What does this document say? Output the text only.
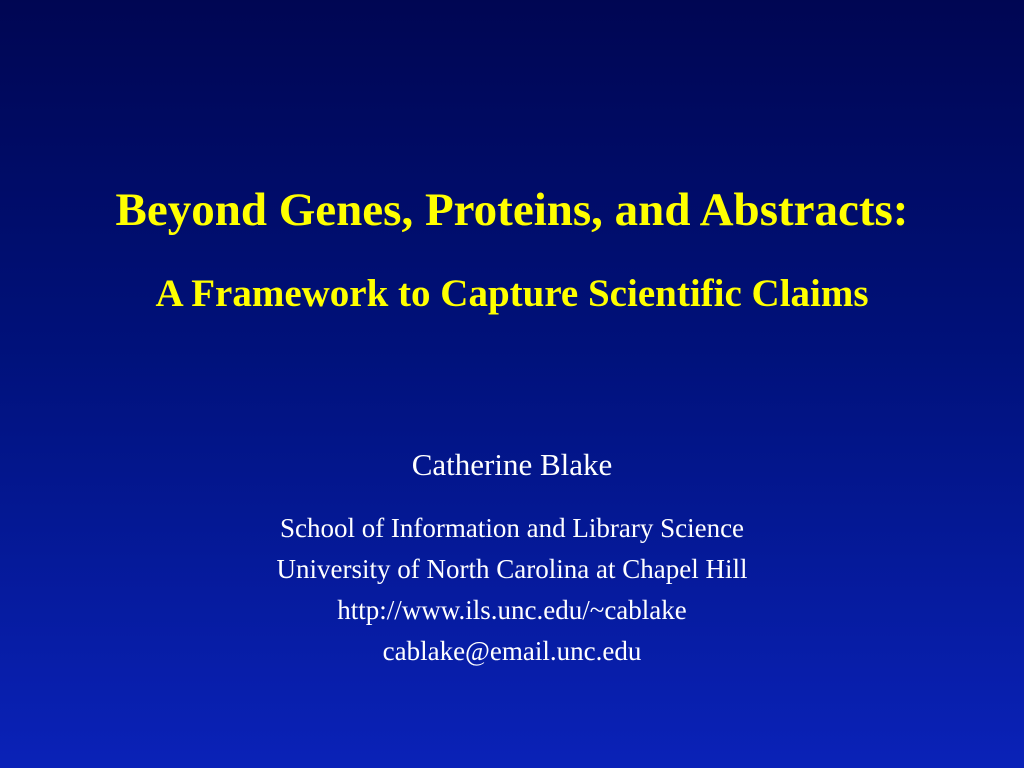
Beyond Genes, Proteins, and Abstracts:
A Framework to Capture Scientific Claims
Catherine Blake
School of Information and Library Science
University of North Carolina at Chapel Hill
http://www.ils.unc.edu/~cablake
cablake@email.unc.edu
